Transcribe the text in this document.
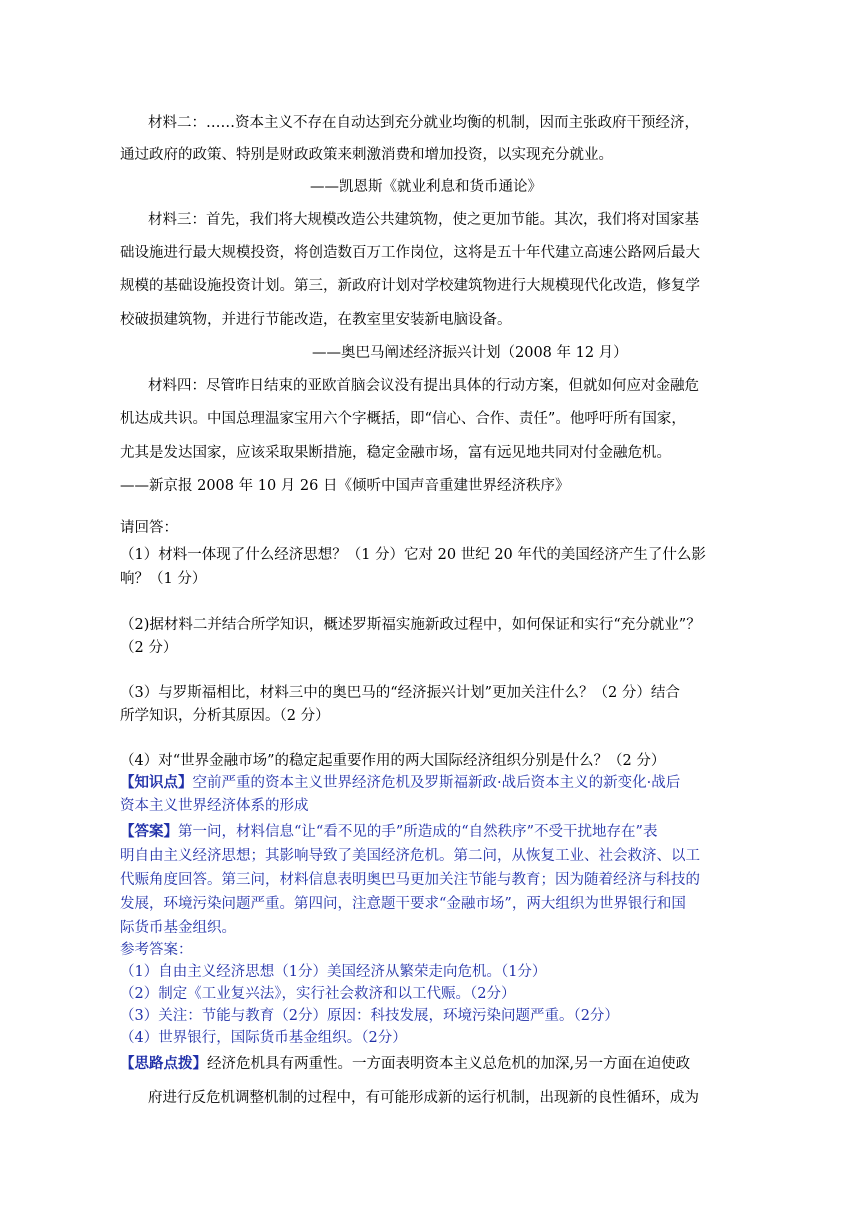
材料二：……资本主义不存在自动达到充分就业均衡的机制，因而主张政府干预经济，
通过政府的政策、特别是财政政策来刺激消费和增加投资，以实现充分就业。
——凯恩斯《就业利息和货币通论》
材料三：首先，我们将大规模改造公共建筑物，使之更加节能。其次，我们将对国家基
础设施进行最大规模投资，将创造数百万工作岗位，这将是五十年代建立高速公路网后最大
规模的基础设施投资计划。第三，新政府计划对学校建筑物进行大规模现代化改造，修复学
校破损建筑物，并进行节能改造，在教室里安装新电脑设备。
——奥巴马阐述经济振兴计划（2008 年 12 月）
材料四：尽管昨日结束的亚欧首脑会议没有提出具体的行动方案，但就如何应对金融危
机达成共识。中国总理温家宝用六个字概括，即“信心、合作、责任”。他呼吁所有国家，
尤其是发达国家，应该采取果断措施，稳定金融市场，富有远见地共同对付金融危机。
——新京报 2008 年 10 月 26 日《倾听中国声音重建世界经济秩序》
请回答：
（1）材料一体现了什么经济思想？（1 分）它对 20 世纪 20 年代的美国经济产生了什么影
响？（1 分）
（2)据材料二并结合所学知识，概述罗斯福实施新政过程中，如何保证和实行“充分就业”？
（2 分）
（3）与罗斯福相比，材料三中的奥巴马的“经济振兴计划”更加关注什么？（2 分）结合
所学知识，分析其原因。（2 分）
（4）对“世界金融市场”的稳定起重要作用的两大国际经济组织分别是什么？（2 分）
【知识点】空前严重的资本主义世界经济危机及罗斯福新政·战后资本主义的新变化·战后
资本主义世界经济体系的形成
【答案】第一问，材料信息“让“看不见的手”所造成的“自然秩序”不受干扰地存在”表
明自由主义经济思想；其影响导致了美国经济危机。第二问，从恢复工业、社会救济、以工
代赈角度回答。第三问，材料信息表明奥巴马更加关注节能与教育；因为随着经济与科技的
发展，环境污染问题严重。第四问，注意题干要求“金融市场”，两大组织为世界银行和国
际货币基金组织。
参考答案：
（1）自由主义经济思想（1分）美国经济从繁荣走向危机。（1分）
（2）制定《工业复兴法》，实行社会救济和以工代赈。（2分）
（3）关注：节能与教育（2分）原因：科技发展，环境污染问题严重。（2分）
（4）世界银行，国际货币基金组织。（2分）
【思路点拨】经济危机具有两重性。一方面表明资本主义总危机的加深,另一方面在迫使政
府进行反危机调整机制的过程中，有可能形成新的运行机制，出现新的良性循环，成为
